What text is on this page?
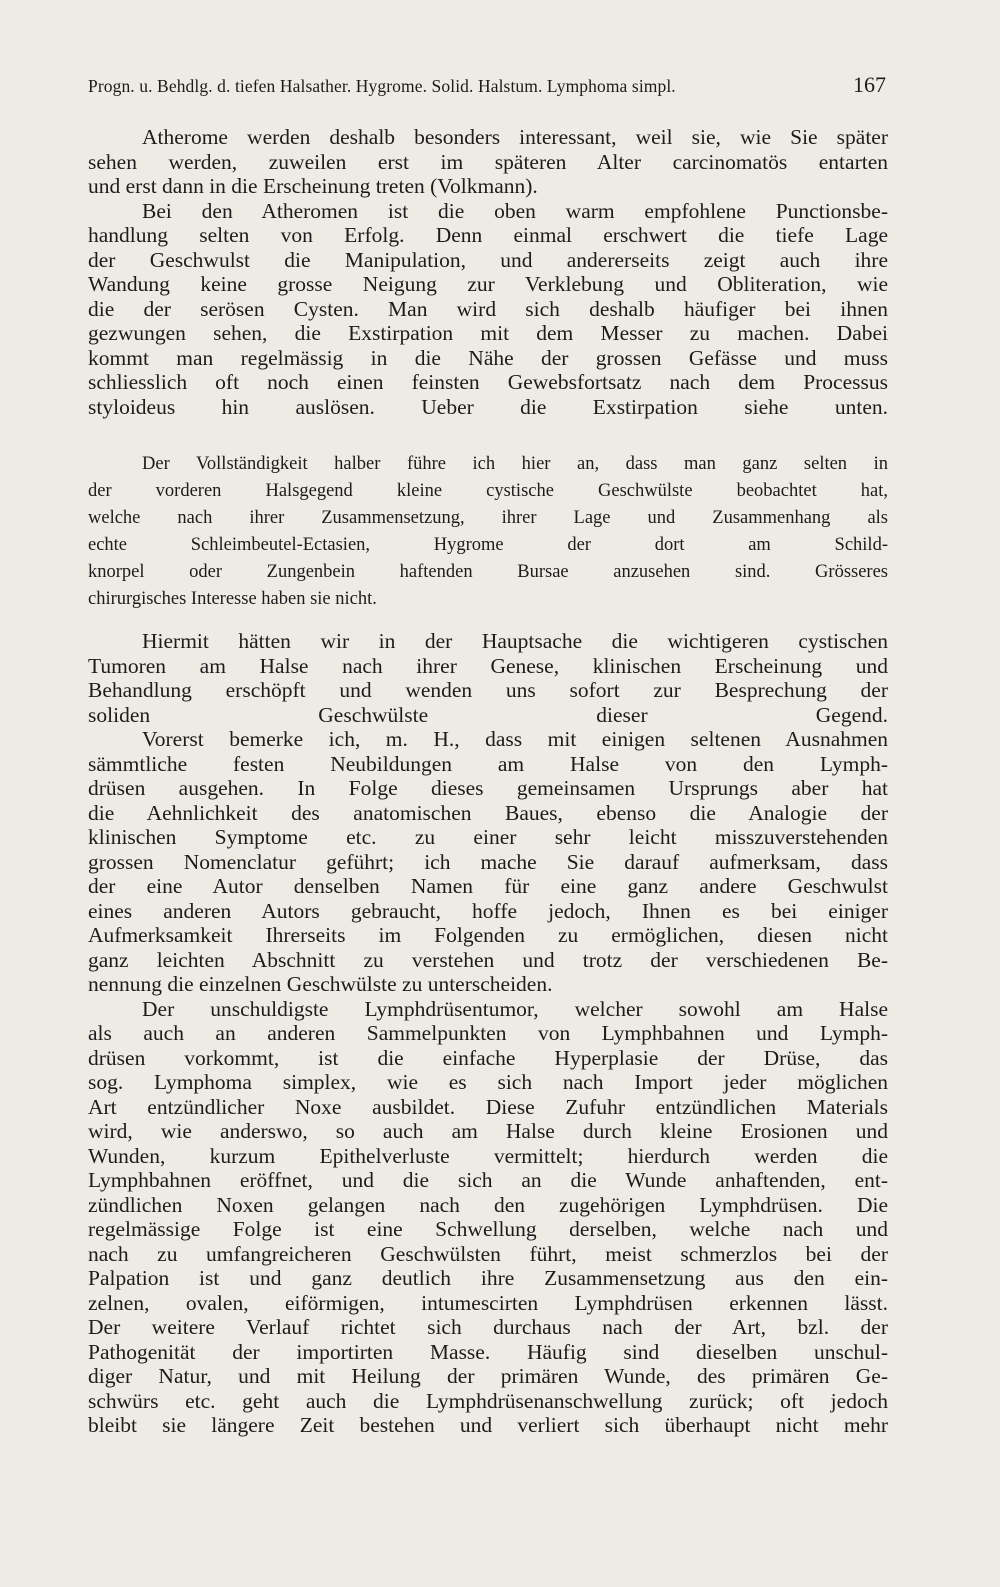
Progn. u. Behdlg. d. tiefen Halsather. Hygrome. Solid. Halstum. Lymphoma simpl.	167
Atherome werden deshalb besonders interessant, weil sie, wie Sie später
sehen werden, zuweilen erst im späteren Alter carcinomatös entarten
und erst dann in die Erscheinung treten (Volkmann).
Bei den Atheromen ist die oben warm empfohlene Punctionsbe-
handlung selten von Erfolg. Denn einmal erschwert die tiefe Lage
der Geschwulst die Manipulation, und andererseits zeigt auch ihre
Wandung keine grosse Neigung zur Verklebung und Obliteration, wie
die der serösen Cysten. Man wird sich deshalb häufiger bei ihnen
gezwungen sehen, die Exstirpation mit dem Messer zu machen. Dabei
kommt man regelmässig in die Nähe der grossen Gefässe und muss
schliesslich oft noch einen feinsten Gewebsfortsatz nach dem Processus
styloideus hin auslösen. Ueber die Exstirpation siehe unten.
Der Vollständigkeit halber führe ich hier an, dass man ganz selten in
der vorderen Halsgegend kleine cystische Geschwülste beobachtet hat,
welche nach ihrer Zusammensetzung, ihrer Lage und Zusammenhang als
echte Schleimbeutel-Ectasien, Hygrome der dort am Schild-
knorpel oder Zungenbein haftenden Bursae anzusehen sind. Grösseres
chirurgisches Interesse haben sie nicht.
Hiermit hätten wir in der Hauptsache die wichtigeren cystischen
Tumoren am Halse nach ihrer Genese, klinischen Erscheinung und
Behandlung erschöpft und wenden uns sofort zur Besprechung der
soliden Geschwülste dieser Gegend.
Vorerst bemerke ich, m. H., dass mit einigen seltenen Ausnahmen
sämmtliche festen Neubildungen am Halse von den Lymph-
drüsen ausgehen. In Folge dieses gemeinsamen Ursprungs aber hat
die Aehnlichkeit des anatomischen Baues, ebenso die Analogie der
klinischen Symptome etc. zu einer sehr leicht misszuverstehenden
grossen Nomenclatur geführt; ich mache Sie darauf aufmerksam, dass
der eine Autor denselben Namen für eine ganz andere Geschwulst
eines anderen Autors gebraucht, hoffe jedoch, Ihnen es bei einiger
Aufmerksamkeit Ihrerseits im Folgenden zu ermöglichen, diesen nicht
ganz leichten Abschnitt zu verstehen und trotz der verschiedenen Be-
nennung die einzelnen Geschwülste zu unterscheiden.
Der unschuldigste Lymphdrüsentumor, welcher sowohl am Halse
als auch an anderen Sammelpunkten von Lymphbahnen und Lymph-
drüsen vorkommt, ist die einfache Hyperplasie der Drüse, das
sog. Lymphoma simplex, wie es sich nach Import jeder möglichen
Art entzündlicher Noxe ausbildet. Diese Zufuhr entzündlichen Materials
wird, wie anderswo, so auch am Halse durch kleine Erosionen und
Wunden, kurzum Epithelverluste vermittelt; hierdurch werden die
Lymphbahnen eröffnet, und die sich an die Wunde anhaftenden, ent-
zündlichen Noxen gelangen nach den zugehörigen Lymphdrüsen. Die
regelmässige Folge ist eine Schwellung derselben, welche nach und
nach zu umfangreicheren Geschwülsten führt, meist schmerzlos bei der
Palpation ist und ganz deutlich ihre Zusammensetzung aus den ein-
zelnen, ovalen, eiförmigen, intumescirten Lymphdrüsen erkennen lässt.
Der weitere Verlauf richtet sich durchaus nach der Art, bzl. der
Pathogenität der importirten Masse. Häufig sind dieselben unschul-
diger Natur, und mit Heilung der primären Wunde, des primären Ge-
schwürs etc. geht auch die Lymphdrüsenanschwellung zurück; oft jedoch
bleibt sie längere Zeit bestehen und verliert sich überhaupt nicht mehr
